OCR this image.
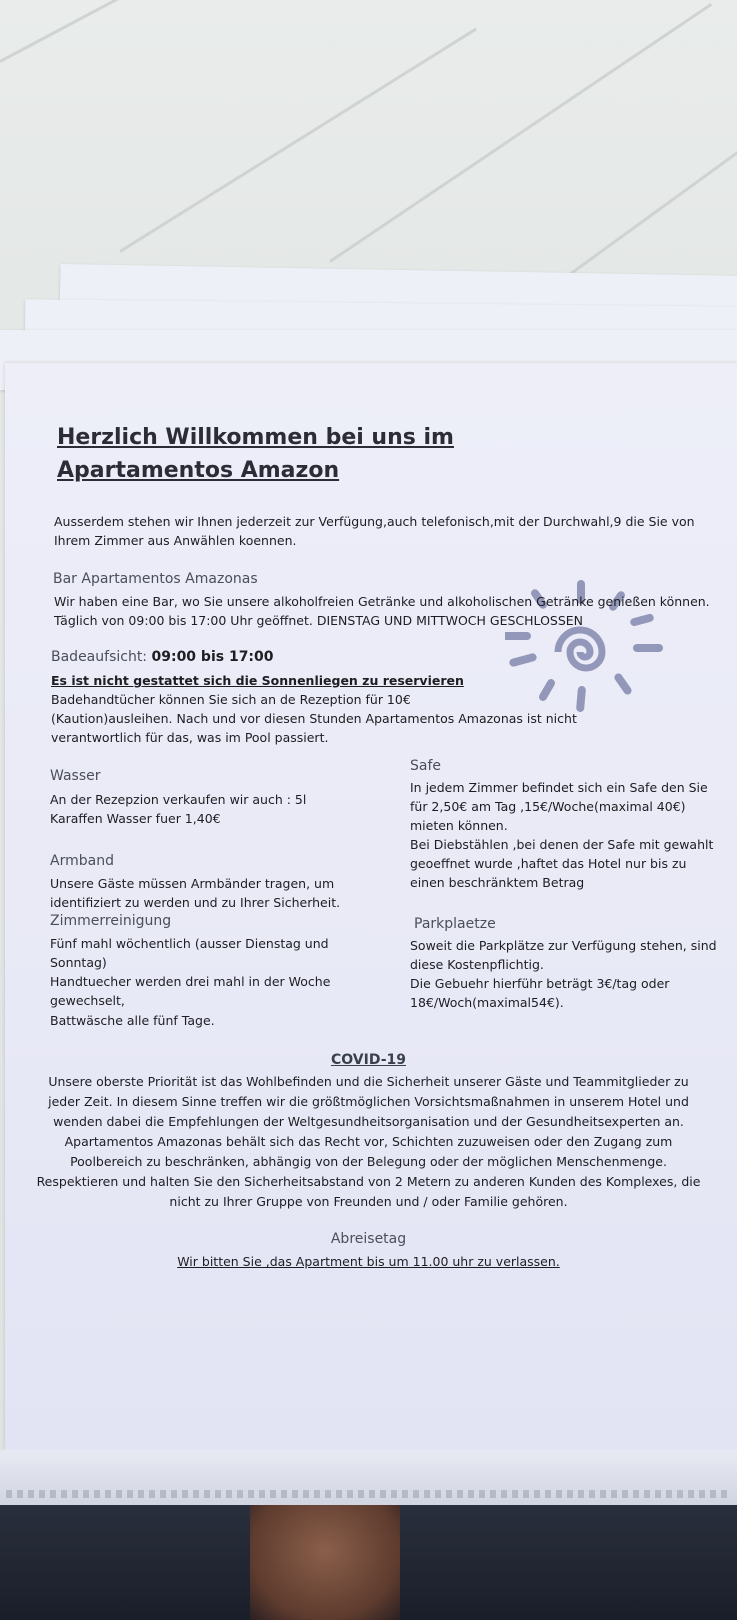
Herzlich Willkommen bei uns im
Apartamentos Amazon
Ausserdem stehen wir Ihnen jederzeit zur Verfügung,auch telefonisch,mit der Durchwahl,9 die Sie von
Ihrem Zimmer aus Anwählen koennen.
Bar Apartamentos Amazonas
Wir haben eine Bar, wo Sie unsere alkoholfreien Getränke und alkoholischen Getränke genießen können.
Täglich von 09:00 bis 17:00 Uhr geöffnet. DIENSTAG UND MITTWOCH GESCHLOSSEN
Badeaufsicht: 09:00 bis 17:00
Es ist nicht gestattet sich die Sonnenliegen zu reservieren
Badehandtücher können Sie sich an de Rezeption für 10€
(Kaution)ausleihen. Nach und vor diesen Stunden Apartamentos Amazonas ist nicht
verantwortlich für das, was im Pool passiert.
Wasser
An der Rezepzion verkaufen wir auch : 5l
Karaffen Wasser fuer 1,40€
Armband
Unsere Gäste müssen Armbänder tragen, um
identifiziert zu werden und zu Ihrer Sicherheit.
Zimmerreinigung
Fünf mahl wöchentlich (ausser Dienstag und
Sonntag)
Handtuecher werden drei mahl in der Woche
gewechselt,
Battwäsche alle fünf Tage.
Safe
In jedem Zimmer befindet sich ein Safe den Sie
für 2,50€ am Tag ,15€/Woche(maximal 40€)
mieten können.
Bei Diebstählen ,bei denen der Safe mit gewahlt
geoeffnet wurde ,haftet das Hotel nur bis zu
einen beschränktem Betrag
Parkplaetze
Soweit die Parkplätze zur Verfügung stehen, sind
diese Kostenpflichtig.
Die Gebuehr hierführ beträgt 3€/tag oder
18€/Woch(maximal54€).
COVID-19
Unsere oberste Priorität ist das Wohlbefinden und die Sicherheit unserer Gäste und Teammitglieder zu
jeder Zeit. In diesem Sinne treffen wir die größtmöglichen Vorsichtsmaßnahmen in unserem Hotel und
wenden dabei die Empfehlungen der Weltgesundheitsorganisation und der Gesundheitsexperten an.
Apartamentos Amazonas behält sich das Recht vor, Schichten zuzuweisen oder den Zugang zum
Poolbereich zu beschränken, abhängig von der Belegung oder der möglichen Menschenmenge.
Respektieren und halten Sie den Sicherheitsabstand von 2 Metern zu anderen Kunden des Komplexes, die
nicht zu Ihrer Gruppe von Freunden und / oder Familie gehören.
Abreisetag
Wir bitten Sie ,das Apartment bis um 11.00 uhr zu verlassen.
